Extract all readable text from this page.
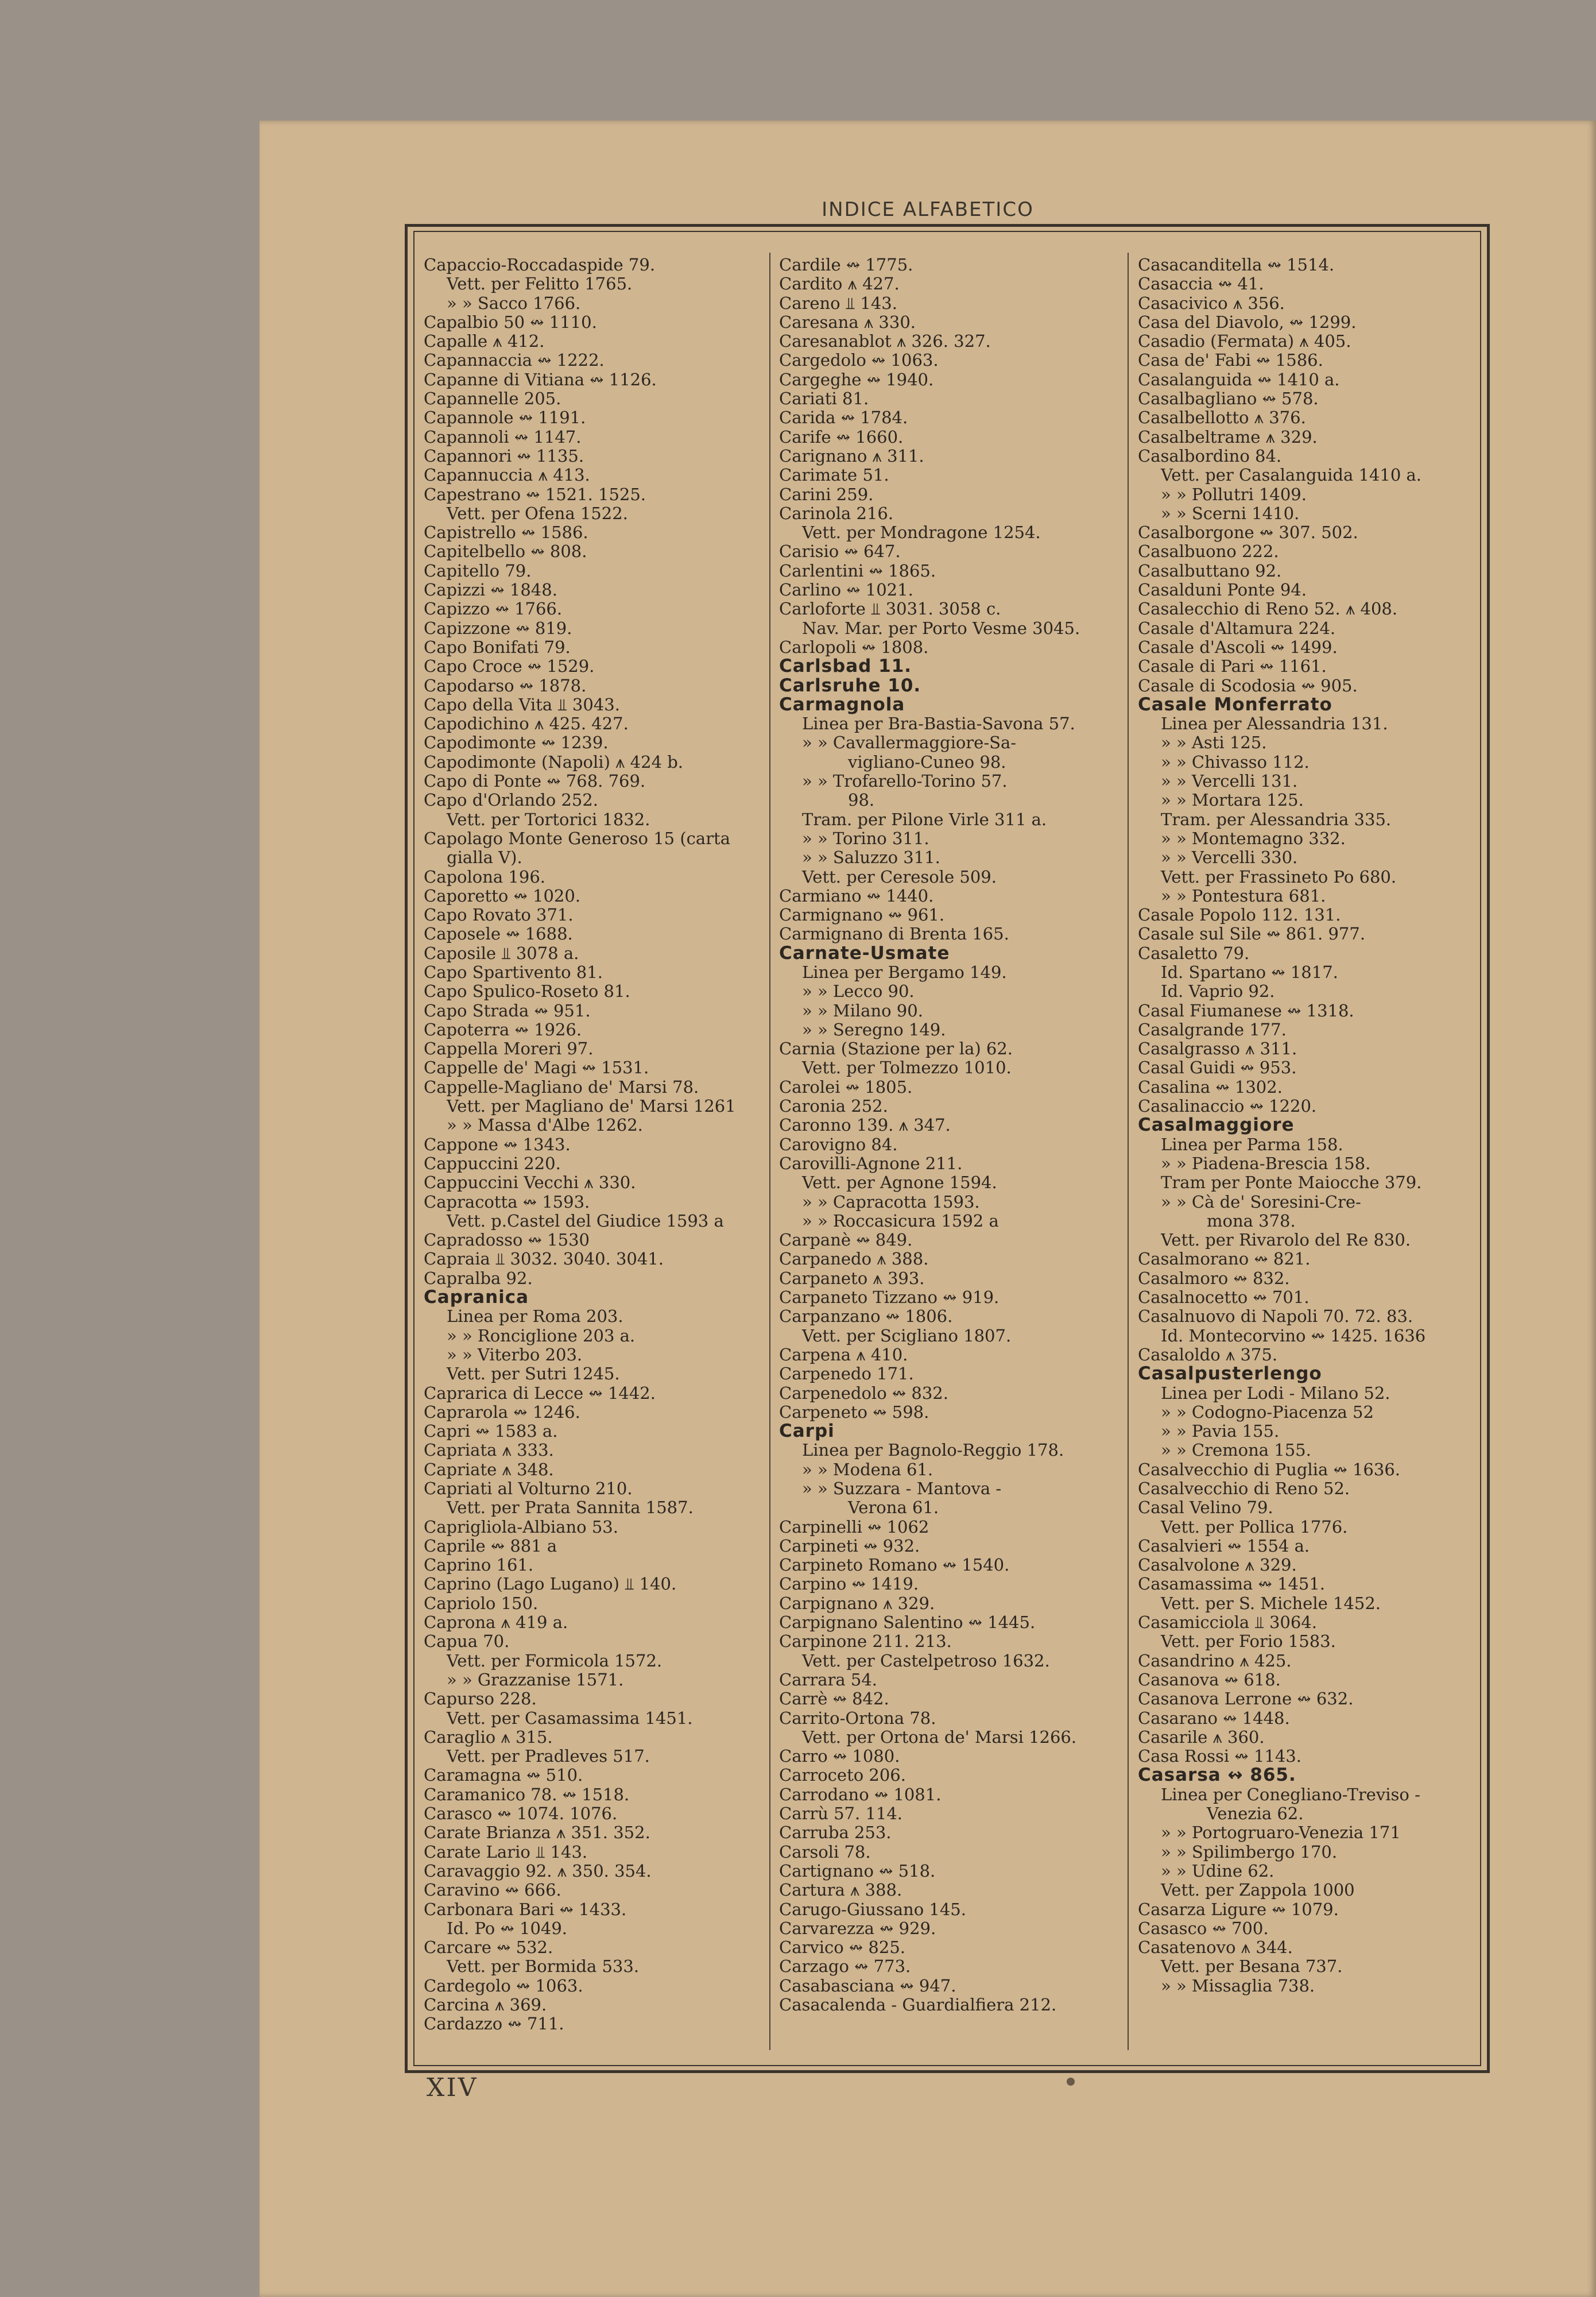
INDICE ALFABETICO
Capaccio-Roccadaspide 79.
Vett. per Felitto 1765.
» » Sacco 1766.
Capalbio 50 ↭ 1110.
Capalle ⩚ 412.
Capannaccia ↭ 1222.
Capanne di Vitiana ↭ 1126.
Capannelle 205.
Capannole ↭ 1191.
Capannoli ↭ 1147.
Capannori ↭ 1135.
Capannuccia ⩚ 413.
Capestrano ↭ 1521. 1525.
Vett. per Ofena 1522.
Capistrello ↭ 1586.
Capitelbello ↭ 808.
Capitello 79.
Capizzi ↭ 1848.
Capizzo ↭ 1766.
Capizzone ↭ 819.
Capo Bonifati 79.
Capo Croce ↭ 1529.
Capodarso ↭ 1878.
Capo della Vita ⫫ 3043.
Capodichino ⩚ 425. 427.
Capodimonte ↭ 1239.
Capodimonte (Napoli) ⩚ 424 b.
Capo di Ponte ↭ 768. 769.
Capo d'Orlando 252.
Vett. per Tortorici 1832.
Capolago Monte Generoso 15 (carta
gialla V).
Capolona 196.
Caporetto ↭ 1020.
Capo Rovato 371.
Caposele ↭ 1688.
Caposile ⫫ 3078 a.
Capo Spartivento 81.
Capo Spulico-Roseto 81.
Capo Strada ↭ 951.
Capoterra ↭ 1926.
Cappella Moreri 97.
Cappelle de' Magi ↭ 1531.
Cappelle-Magliano de' Marsi 78.
Vett. per Magliano de' Marsi 1261
» » Massa d'Albe 1262.
Cappone ↭ 1343.
Cappuccini 220.
Cappuccini Vecchi ⩚ 330.
Capracotta ↭ 1593.
Vett. p.Castel del Giudice 1593 a
Capradosso ↭ 1530
Capraia ⫫ 3032. 3040. 3041.
Capralba 92.
Capranica
Linea per Roma 203.
» » Ronciglione 203 a.
» » Viterbo 203.
Vett. per Sutri 1245.
Caprarica di Lecce ↭ 1442.
Caprarola ↭ 1246.
Capri ↭ 1583 a.
Capriata ⩚ 333.
Capriate ⩚ 348.
Capriati al Volturno 210.
Vett. per Prata Sannita 1587.
Caprigliola-Albiano 53.
Caprile ↭ 881 a
Caprino 161.
Caprino (Lago Lugano) ⫫ 140.
Capriolo 150.
Caprona ⩚ 419 a.
Capua 70.
Vett. per Formicola 1572.
» » Grazzanise 1571.
Capurso 228.
Vett. per Casamassima 1451.
Caraglio ⩚ 315.
Vett. per Pradleves 517.
Caramagna ↭ 510.
Caramanico 78. ↭ 1518.
Carasco ↭ 1074. 1076.
Carate Brianza ⩚ 351. 352.
Carate Lario ⫫ 143.
Caravaggio 92. ⩚ 350. 354.
Caravino ↭ 666.
Carbonara Bari ↭ 1433.
Id. Po ↭ 1049.
Carcare ↭ 532.
Vett. per Bormida 533.
Cardegolo ↭ 1063.
Carcina ⩚ 369.
Cardazzo ↭ 711.
Cardile ↭ 1775.
Cardito ⩚ 427.
Careno ⫫ 143.
Caresana ⩚ 330.
Caresanablot ⩚ 326. 327.
Cargedolo ↭ 1063.
Cargeghe ↭ 1940.
Cariati 81.
Carida ↭ 1784.
Carife ↭ 1660.
Carignano ⩚ 311.
Carimate 51.
Carini 259.
Carinola 216.
Vett. per Mondragone 1254.
Carisio ↭ 647.
Carlentini ↭ 1865.
Carlino ↭ 1021.
Carloforte ⫫ 3031. 3058 c.
Nav. Mar. per Porto Vesme 3045.
Carlopoli ↭ 1808.
Carlsbad 11.
Carlsruhe 10.
Carmagnola
Linea per Bra-Bastia-Savona 57.
» » Cavallermaggiore-Sa-
vigliano-Cuneo 98.
» » Trofarello-Torino 57.
98.
Tram. per Pilone Virle 311 a.
» » Torino 311.
» » Saluzzo 311.
Vett. per Ceresole 509.
Carmiano ↭ 1440.
Carmignano ↭ 961.
Carmignano di Brenta 165.
Carnate-Usmate
Linea per Bergamo 149.
» » Lecco 90.
» » Milano 90.
» » Seregno 149.
Carnia (Stazione per la) 62.
Vett. per Tolmezzo 1010.
Carolei ↭ 1805.
Caronia 252.
Caronno 139. ⩚ 347.
Carovigno 84.
Carovilli-Agnone 211.
Vett. per Agnone 1594.
» » Capracotta 1593.
» » Roccasicura 1592 a
Carpanè ↭ 849.
Carpanedo ⩚ 388.
Carpaneto ⩚ 393.
Carpaneto Tizzano ↭ 919.
Carpanzano ↭ 1806.
Vett. per Scigliano 1807.
Carpena ⩚ 410.
Carpenedo 171.
Carpenedolo ↭ 832.
Carpeneto ↭ 598.
Carpi
Linea per Bagnolo-Reggio 178.
» » Modena 61.
» » Suzzara - Mantova -
Verona 61.
Carpinelli ↭ 1062
Carpineti ↭ 932.
Carpineto Romano ↭ 1540.
Carpino ↭ 1419.
Carpignano ⩚ 329.
Carpignano Salentino ↭ 1445.
Carpinone 211. 213.
Vett. per Castelpetroso 1632.
Carrara 54.
Carrè ↭ 842.
Carrito-Ortona 78.
Vett. per Ortona de' Marsi 1266.
Carro ↭ 1080.
Carroceto 206.
Carrodano ↭ 1081.
Carrù 57. 114.
Carruba 253.
Carsoli 78.
Cartignano ↭ 518.
Cartura ⩚ 388.
Carugo-Giussano 145.
Carvarezza ↭ 929.
Carvico ↭ 825.
Carzago ↭ 773.
Casabasciana ↭ 947.
Casacalenda - Guardialfiera 212.
Casacanditella ↭ 1514.
Casaccia ↭ 41.
Casacivico ⩚ 356.
Casa del Diavolo, ↭ 1299.
Casadio (Fermata) ⩚ 405.
Casa de' Fabi ↭ 1586.
Casalanguida ↭ 1410 a.
Casalbagliano ↭ 578.
Casalbellotto ⩚ 376.
Casalbeltrame ⩚ 329.
Casalbordino 84.
Vett. per Casalanguida 1410 a.
» » Pollutri 1409.
» » Scerni 1410.
Casalborgone ↭ 307. 502.
Casalbuono 222.
Casalbuttano 92.
Casalduni Ponte 94.
Casalecchio di Reno 52. ⩚ 408.
Casale d'Altamura 224.
Casale d'Ascoli ↭ 1499.
Casale di Pari ↭ 1161.
Casale di Scodosia ↭ 905.
Casale Monferrato
Linea per Alessandria 131.
» » Asti 125.
» » Chivasso 112.
» » Vercelli 131.
» » Mortara 125.
Tram. per Alessandria 335.
» » Montemagno 332.
» » Vercelli 330.
Vett. per Frassineto Po 680.
» » Pontestura 681.
Casale Popolo 112. 131.
Casale sul Sile ↭ 861. 977.
Casaletto 79.
Id. Spartano ↭ 1817.
Id. Vaprio 92.
Casal Fiumanese ↭ 1318.
Casalgrande 177.
Casalgrasso ⩚ 311.
Casal Guidi ↭ 953.
Casalina ↭ 1302.
Casalinaccio ↭ 1220.
Casalmaggiore
Linea per Parma 158.
» » Piadena-Brescia 158.
Tram per Ponte Maiocche 379.
» » Cà de' Soresini-Cre-
mona 378.
Vett. per Rivarolo del Re 830.
Casalmorano ↭ 821.
Casalmoro ↭ 832.
Casalnocetto ↭ 701.
Casalnuovo di Napoli 70. 72. 83.
Id. Montecorvino ↭ 1425. 1636
Casaloldo ⩚ 375.
Casalpusterlengo
Linea per Lodi - Milano 52.
» » Codogno-Piacenza 52
» » Pavia 155.
» » Cremona 155.
Casalvecchio di Puglia ↭ 1636.
Casalvecchio di Reno 52.
Casal Velino 79.
Vett. per Pollica 1776.
Casalvieri ↭ 1554 a.
Casalvolone ⩚ 329.
Casamassima ↭ 1451.
Vett. per S. Michele 1452.
Casamicciola ⫫ 3064.
Vett. per Forio 1583.
Casandrino ⩚ 425.
Casanova ↭ 618.
Casanova Lerrone ↭ 632.
Casarano ↭ 1448.
Casarile ⩚ 360.
Casa Rossi ↭ 1143.
Casarsa ↭ 865.
Linea per Conegliano-Treviso -
Venezia 62.
» » Portogruaro-Venezia 171
» » Spilimbergo 170.
» » Udine 62.
Vett. per Zappola 1000
Casarza Ligure ↭ 1079.
Casasco ↭ 700.
Casatenovo ⩚ 344.
Vett. per Besana 737.
» » Missaglia 738.
XIV
